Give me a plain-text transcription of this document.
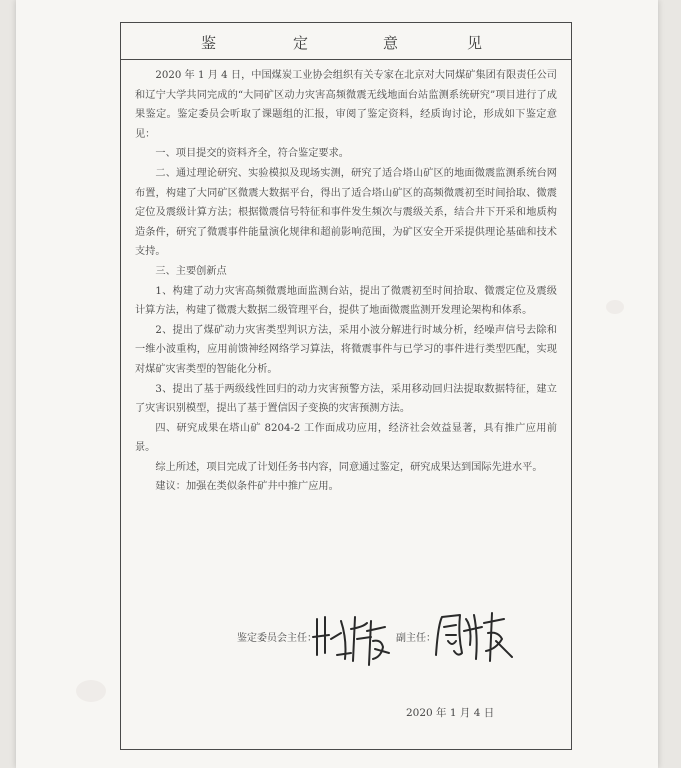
鉴	定	意	见

2020 年 1 月 4 日，中国煤炭工业协会组织有关专家在北京对大同煤矿集团有限责任公司和辽宁大学共同完成的“大同矿区动力灾害高频微震无线地面台站监测系统研究”项目进行了成果鉴定。鉴定委员会听取了课题组的汇报，审阅了鉴定资料，经质询讨论，形成如下鉴定意见：

一、项目提交的资料齐全，符合鉴定要求。

二、通过理论研究、实验模拟及现场实测，研究了适合塔山矿区的地面微震监测系统台网布置，构建了大同矿区微震大数据平台，得出了适合塔山矿区的高频微震初至时间拾取、微震定位及震级计算方法；根据微震信号特征和事件发生频次与震级关系，结合井下开采和地质构造条件，研究了微震事件能量演化规律和超前影响范围，为矿区安全开采提供理论基础和技术支持。

三、主要创新点

1、构建了动力灾害高频微震地面监测台站，提出了微震初至时间拾取、微震定位及震级计算方法，构建了微震大数据二级管理平台，提供了地面微震监测开发理论架构和体系。

2、提出了煤矿动力灾害类型判识方法，采用小波分解进行时域分析，经噪声信号去除和一维小波重构，应用前馈神经网络学习算法，将微震事件与已学习的事件进行类型匹配，实现对煤矿灾害类型的智能化分析。

3、提出了基于两级线性回归的动力灾害预警方法，采用移动回归法提取数据特征，建立了灾害识别模型，提出了基于置信因子变换的灾害预测方法。

四、研究成果在塔山矿 8204-2 工作面成功应用，经济社会效益显著，具有推广应用前景。

综上所述，项目完成了计划任务书内容，同意通过鉴定，研究成果达到国际先进水平。

建议：加强在类似条件矿井中推广应用。

鉴定委员会主任：	副主任：
2020 年 1 月 4 日
